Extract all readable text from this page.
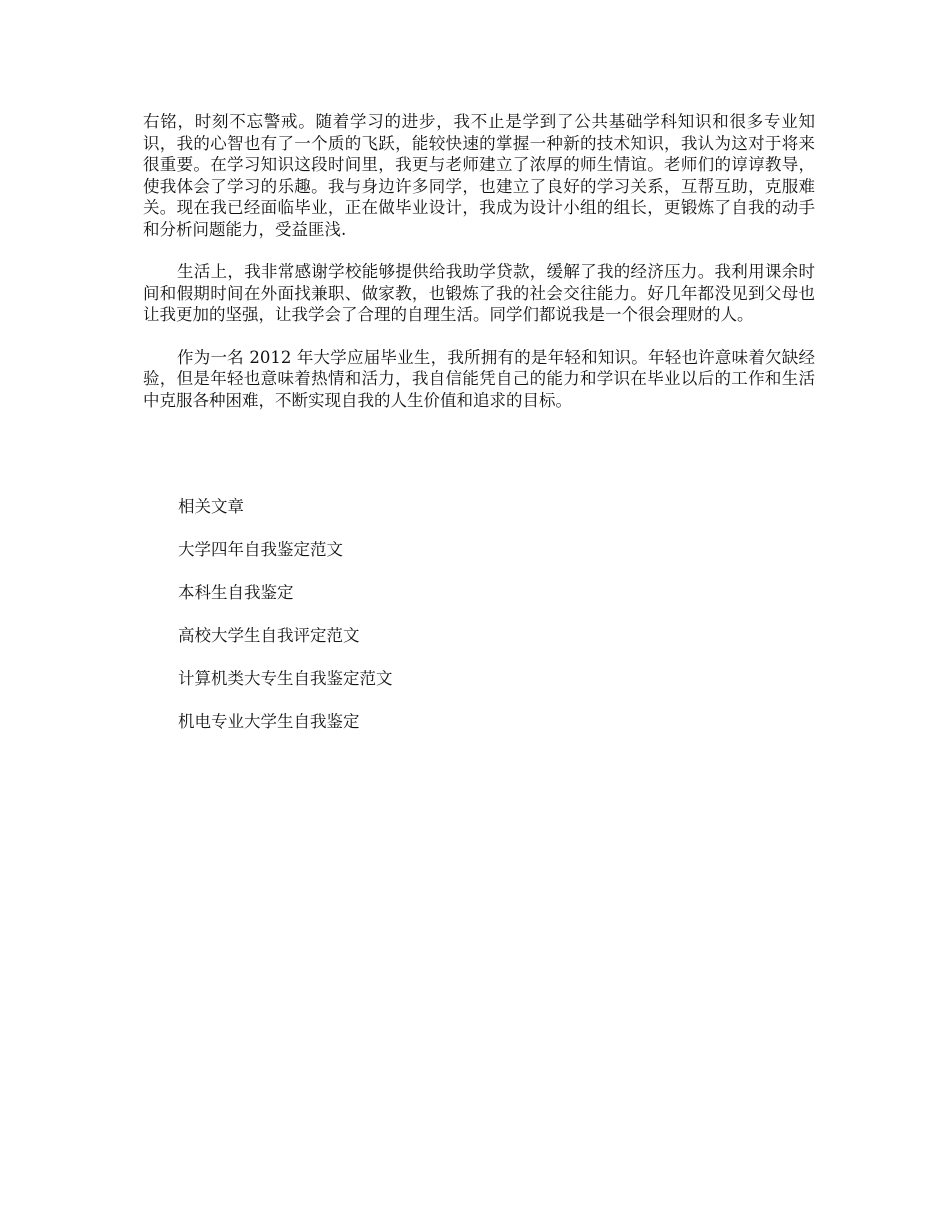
右铭，时刻不忘警戒。随着学习的进步，我不止是学到了公共基础学科知识和很多专业知识，我的心智也有了一个质的飞跃，能较快速的掌握一种新的技术知识，我认为这对于将来很重要。在学习知识这段时间里，我更与老师建立了浓厚的师生情谊。老师们的谆谆教导，使我体会了学习的乐趣。我与身边许多同学，也建立了良好的学习关系，互帮互助，克服难关。现在我已经面临毕业，正在做毕业设计，我成为设计小组的组长，更锻炼了自我的动手和分析问题能力，受益匪浅.

生活上，我非常感谢学校能够提供给我助学贷款，缓解了我的经济压力。我利用课余时间和假期时间在外面找兼职、做家教，也锻炼了我的社会交往能力。好几年都没见到父母也让我更加的坚强，让我学会了合理的自理生活。同学们都说我是一个很会理财的人。

作为一名 2012 年大学应届毕业生，我所拥有的是年轻和知识。年轻也许意味着欠缺经验，但是年轻也意味着热情和活力，我自信能凭自己的能力和学识在毕业以后的工作和生活中克服各种困难，不断实现自我的人生价值和追求的目标。

相关文章
大学四年自我鉴定范文
本科生自我鉴定
高校大学生自我评定范文
计算机类大专生自我鉴定范文
机电专业大学生自我鉴定
